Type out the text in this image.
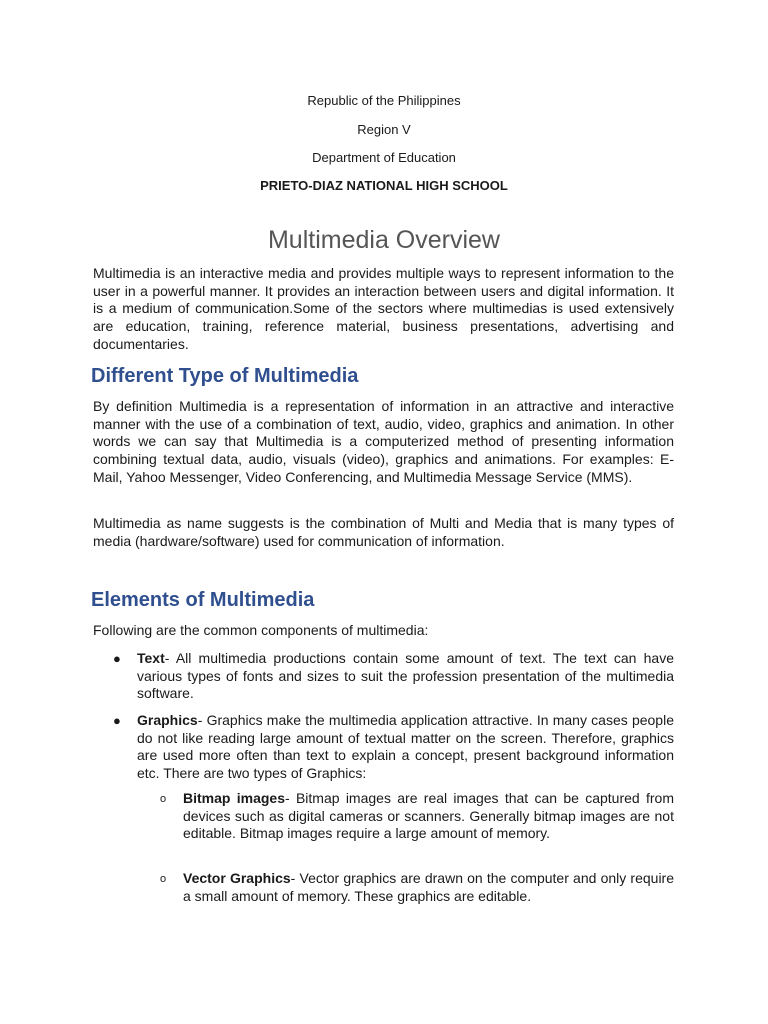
Republic of the Philippines
Region V
Department of Education
PRIETO-DIAZ NATIONAL HIGH SCHOOL
Multimedia Overview
Multimedia is an interactive media and provides multiple ways to represent information to the user in a powerful manner. It provides an interaction between users and digital information. It is a medium of communication.Some of the sectors where multimedias is used extensively are education, training, reference material, business presentations, advertising and documentaries.
Different Type of Multimedia
By definition Multimedia is a representation of information in an attractive and interactive manner with the use of a combination of text, audio, video, graphics and animation. In other words we can say that Multimedia is a computerized method of presenting information combining textual data, audio, visuals (video), graphics and animations. For examples: E-Mail, Yahoo Messenger, Video Conferencing, and Multimedia Message Service (MMS).
Multimedia as name suggests is the combination of Multi and Media that is many types of media (hardware/software) used for communication of information.
Elements of Multimedia
Following are the common components of multimedia:
● Text- All multimedia productions contain some amount of text. The text can have various types of fonts and sizes to suit the profession presentation of the multimedia software.
● Graphics- Graphics make the multimedia application attractive. In many cases people do not like reading large amount of textual matter on the screen. Therefore, graphics are used more often than text to explain a concept, present background information etc. There are two types of Graphics:
o Bitmap images- Bitmap images are real images that can be captured from devices such as digital cameras or scanners. Generally bitmap images are not editable. Bitmap images require a large amount of memory.
o Vector Graphics- Vector graphics are drawn on the computer and only require a small amount of memory. These graphics are editable.
